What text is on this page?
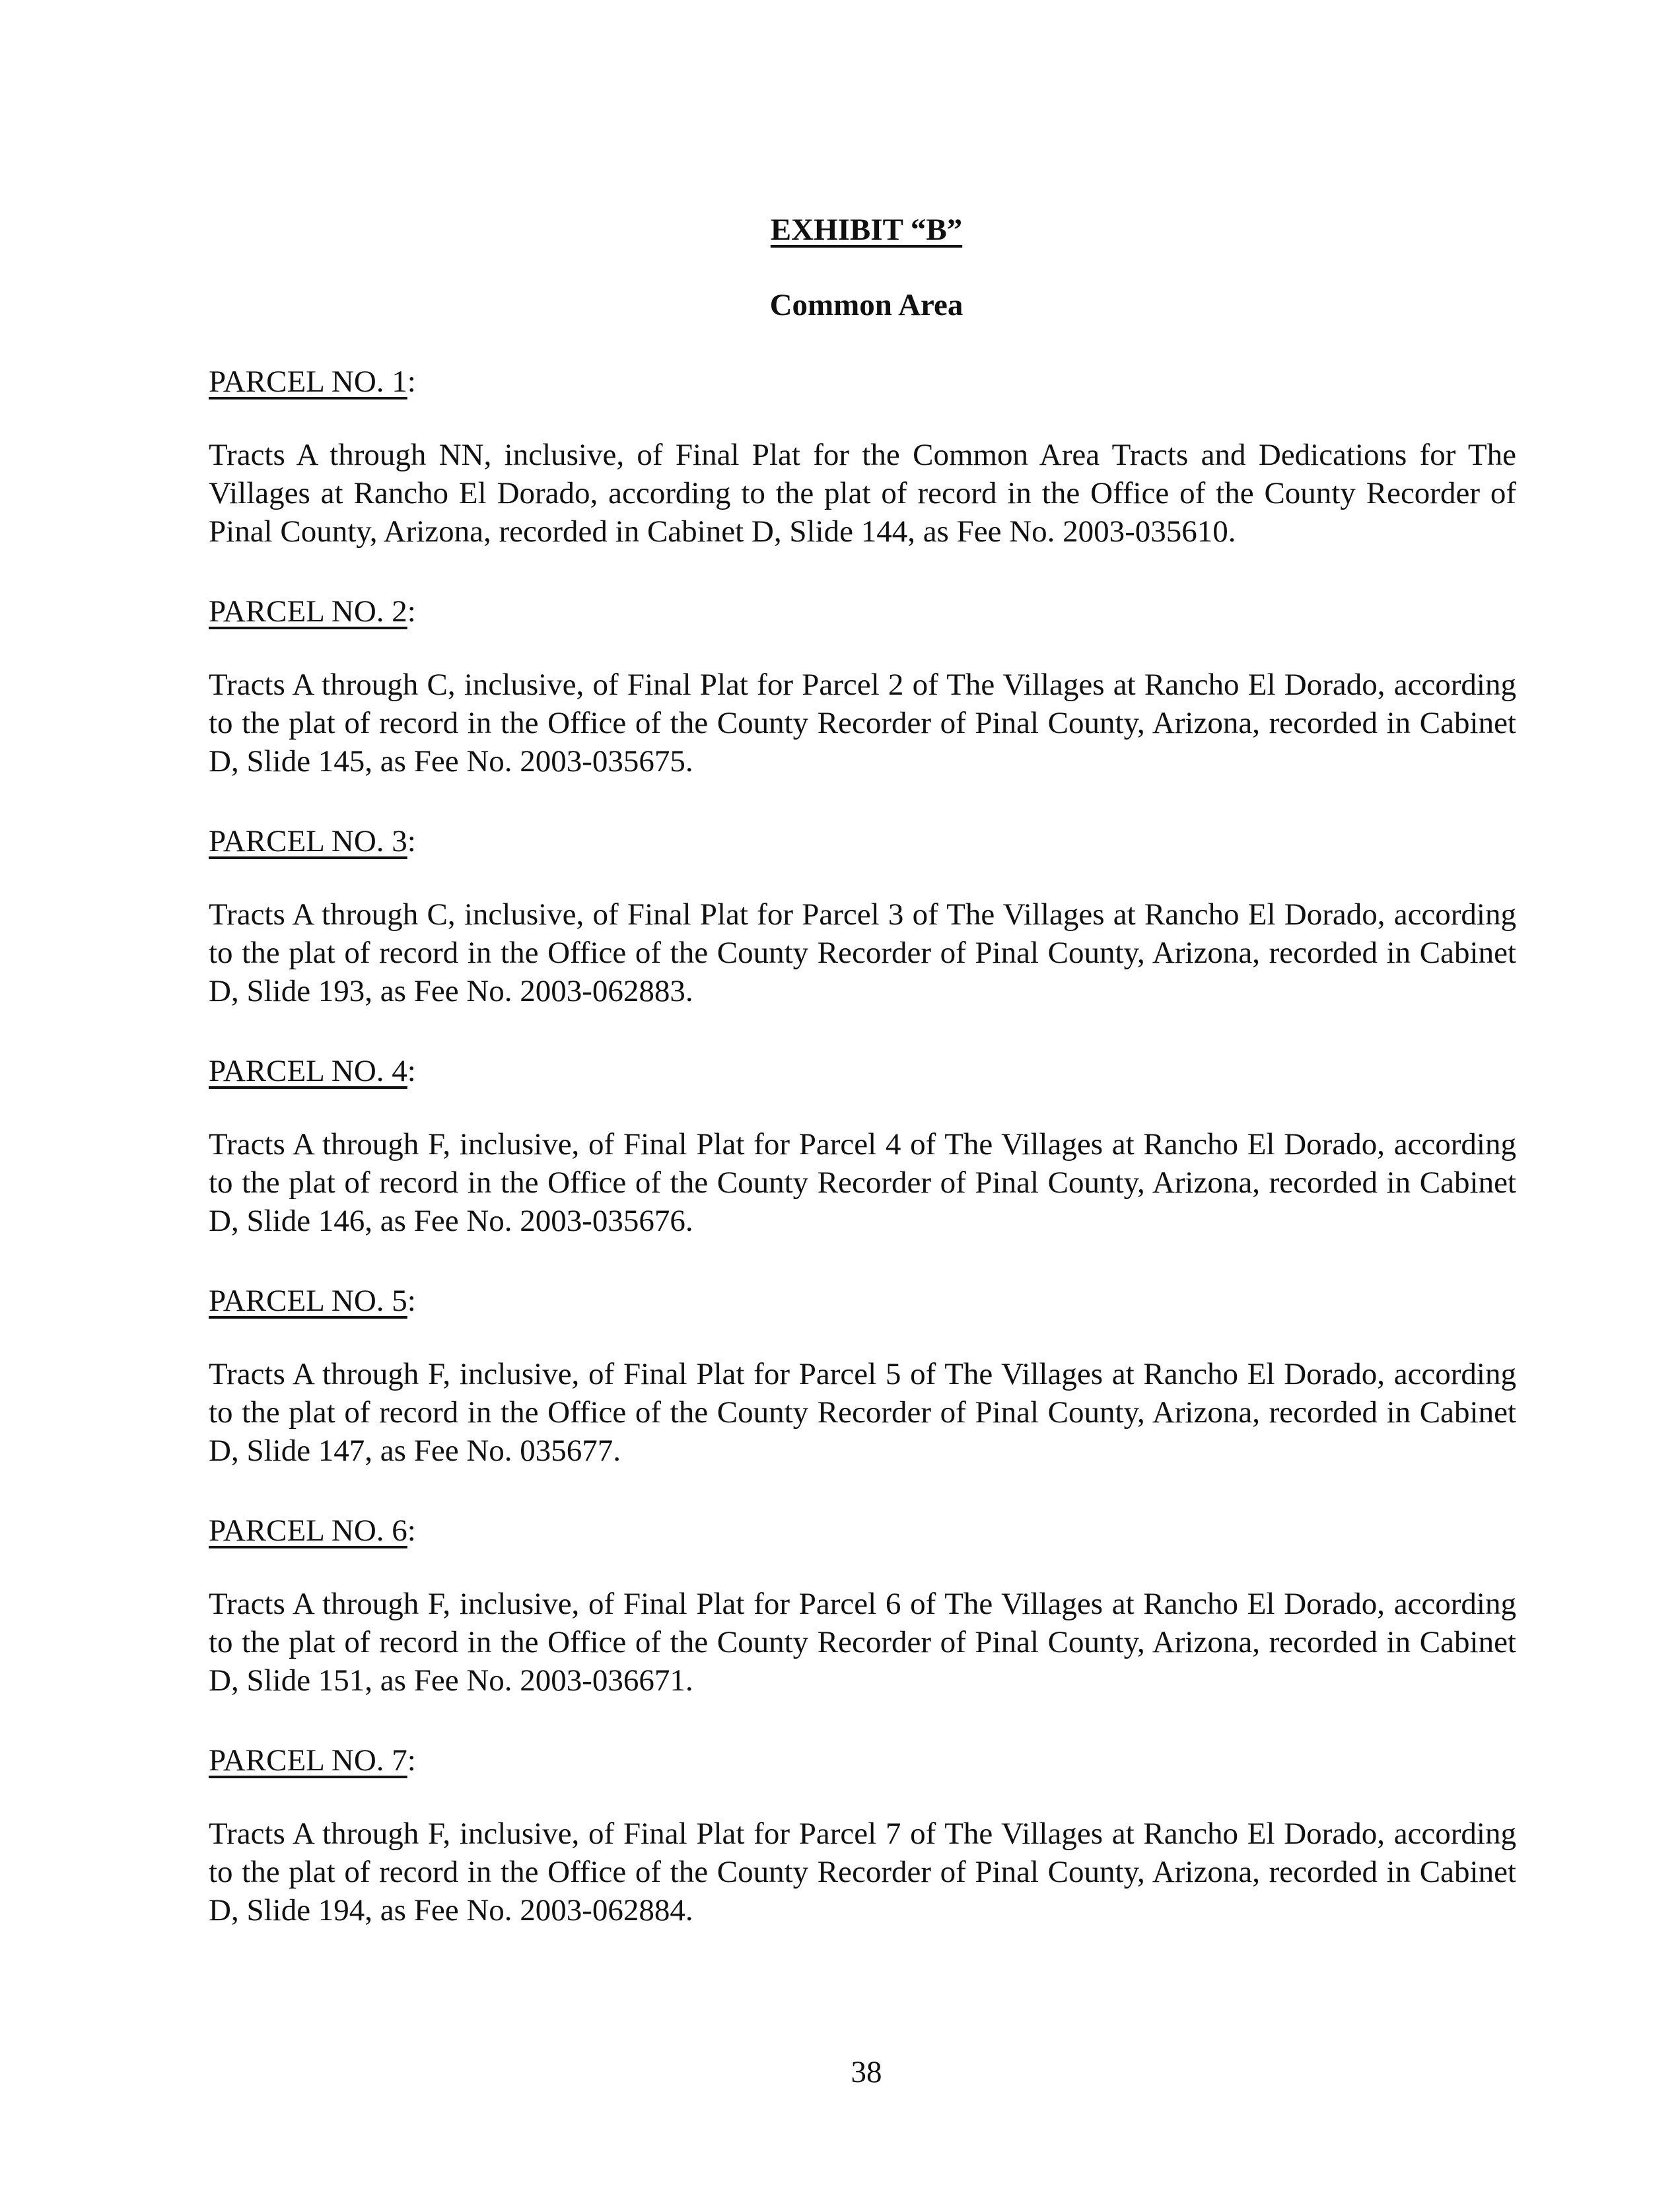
EXHIBIT “B”
Common Area

PARCEL NO. 1:

Tracts A through NN, inclusive, of Final Plat for the Common Area Tracts and Dedications for The Villages at Rancho El Dorado, according to the plat of record in the Office of the County Recorder of Pinal County, Arizona, recorded in Cabinet D, Slide 144, as Fee No. 2003-035610.

PARCEL NO. 2:

Tracts A through C, inclusive, of Final Plat for Parcel 2 of The Villages at Rancho El Dorado, according to the plat of record in the Office of the County Recorder of Pinal County, Arizona, recorded in Cabinet D, Slide 145, as Fee No. 2003-035675.

PARCEL NO. 3:

Tracts A through C, inclusive, of Final Plat for Parcel 3 of The Villages at Rancho El Dorado, according to the plat of record in the Office of the County Recorder of Pinal County, Arizona, recorded in Cabinet D, Slide 193, as Fee No. 2003-062883.

PARCEL NO. 4:

Tracts A through F, inclusive, of Final Plat for Parcel 4 of The Villages at Rancho El Dorado, according to the plat of record in the Office of the County Recorder of Pinal County, Arizona, recorded in Cabinet D, Slide 146, as Fee No. 2003-035676.

PARCEL NO. 5:

Tracts A through F, inclusive, of Final Plat for Parcel 5 of The Villages at Rancho El Dorado, according to the plat of record in the Office of the County Recorder of Pinal County, Arizona, recorded in Cabinet D, Slide 147, as Fee No. 035677.

PARCEL NO. 6:

Tracts A through F, inclusive, of Final Plat for Parcel 6 of The Villages at Rancho El Dorado, according to the plat of record in the Office of the County Recorder of Pinal County, Arizona, recorded in Cabinet D, Slide 151, as Fee No. 2003-036671.

PARCEL NO. 7:

Tracts A through F, inclusive, of Final Plat for Parcel 7 of The Villages at Rancho El Dorado, according to the plat of record in the Office of the County Recorder of Pinal County, Arizona, recorded in Cabinet D, Slide 194, as Fee No. 2003-062884.

38
